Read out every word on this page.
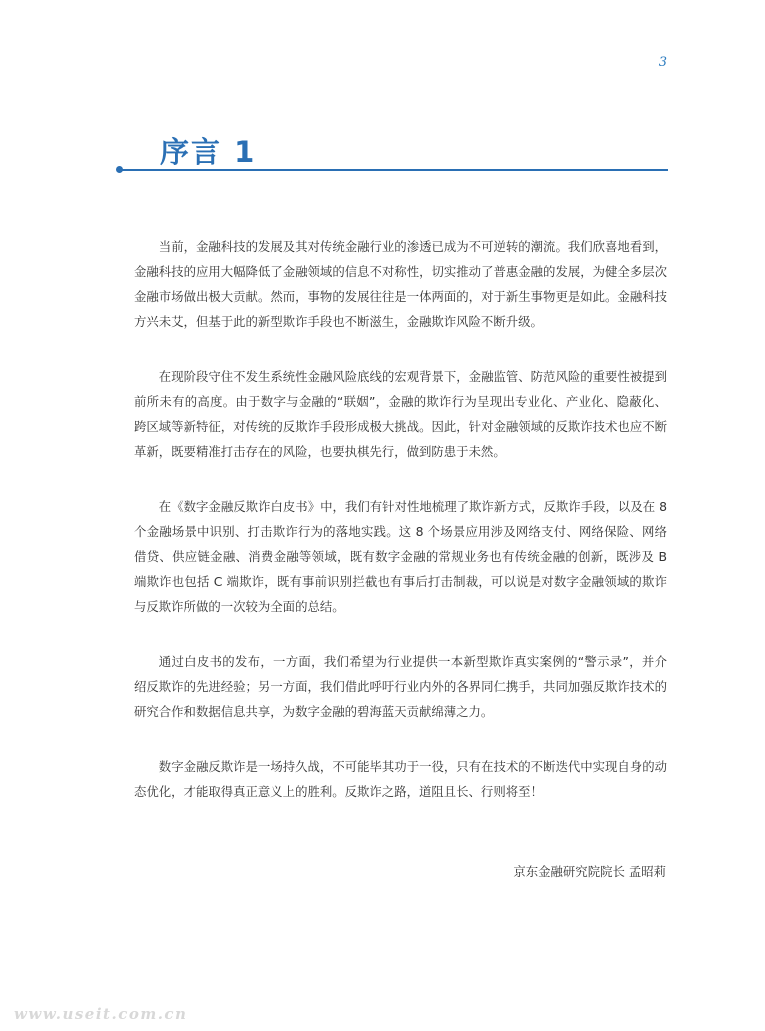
3
序言 1

当前，金融科技的发展及其对传统金融行业的渗透已成为不可逆转的潮流。我们欣喜地看到，金融科技的应用大幅降低了金融领域的信息不对称性，切实推动了普惠金融的发展，为健全多层次金融市场做出极大贡献。然而，事物的发展往往是一体两面的，对于新生事物更是如此。金融科技方兴未艾，但基于此的新型欺诈手段也不断滋生，金融欺诈风险不断升级。

在现阶段守住不发生系统性金融风险底线的宏观背景下，金融监管、防范风险的重要性被提到前所未有的高度。由于数字与金融的“联姻”，金融的欺诈行为呈现出专业化、产业化、隐蔽化、跨区域等新特征，对传统的反欺诈手段形成极大挑战。因此，针对金融领域的反欺诈技术也应不断革新，既要精准打击存在的风险，也要执棋先行，做到防患于未然。

在《数字金融反欺诈白皮书》中，我们有针对性地梳理了欺诈新方式，反欺诈手段，以及在 8 个金融场景中识别、打击欺诈行为的落地实践。这 8 个场景应用涉及网络支付、网络保险、网络借贷、供应链金融、消费金融等领域，既有数字金融的常规业务也有传统金融的创新，既涉及 B 端欺诈也包括 C 端欺诈，既有事前识别拦截也有事后打击制裁，可以说是对数字金融领域的欺诈与反欺诈所做的一次较为全面的总结。

通过白皮书的发布，一方面，我们希望为行业提供一本新型欺诈真实案例的“警示录”，并介绍反欺诈的先进经验；另一方面，我们借此呼吁行业内外的各界同仁携手，共同加强反欺诈技术的研究合作和数据信息共享，为数字金融的碧海蓝天贡献绵薄之力。

数字金融反欺诈是一场持久战，不可能毕其功于一役，只有在技术的不断迭代中实现自身的动态优化，才能取得真正意义上的胜利。反欺诈之路，道阻且长、行则将至！

京东金融研究院院长 孟昭莉
www.useit.com.cn
